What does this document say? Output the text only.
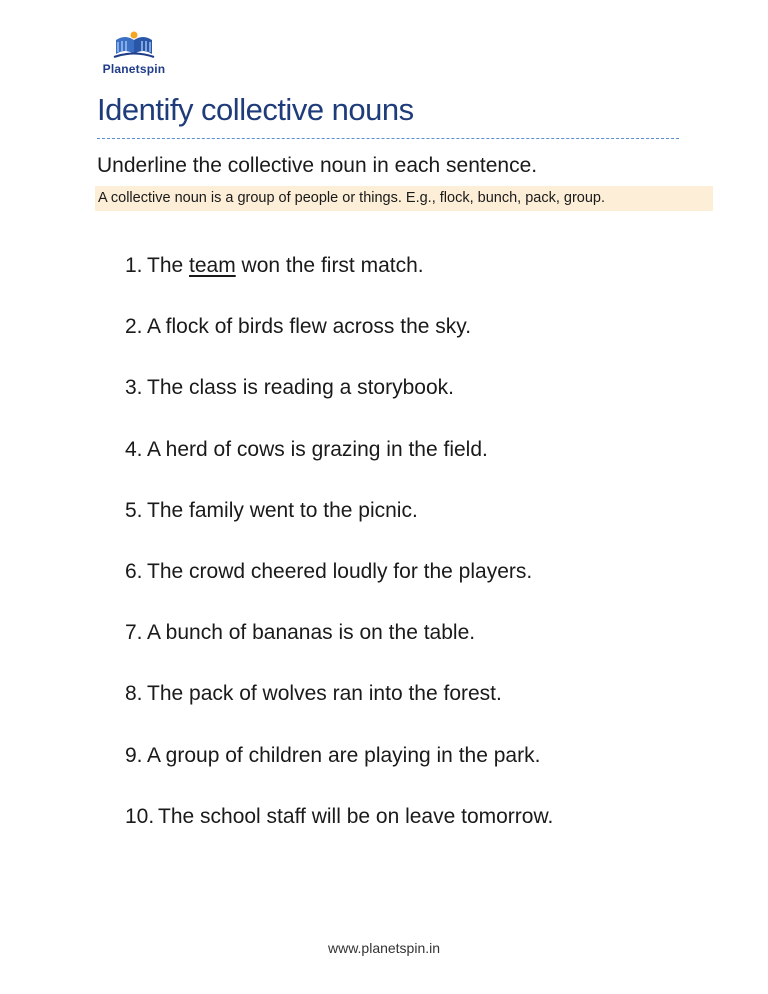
Planetspin
Identify collective nouns
Underline the collective noun in each sentence.
A collective noun is a group of people or things. E.g., flock, bunch, pack, group.
1. The team won the first match.
2. A flock of birds flew across the sky.
3. The class is reading a storybook.
4. A herd of cows is grazing in the field.
5. The family went to the picnic.
6. The crowd cheered loudly for the players.
7. A bunch of bananas is on the table.
8. The pack of wolves ran into the forest.
9. A group of children are playing in the park.
10. The school staff will be on leave tomorrow.
www.planetspin.in
